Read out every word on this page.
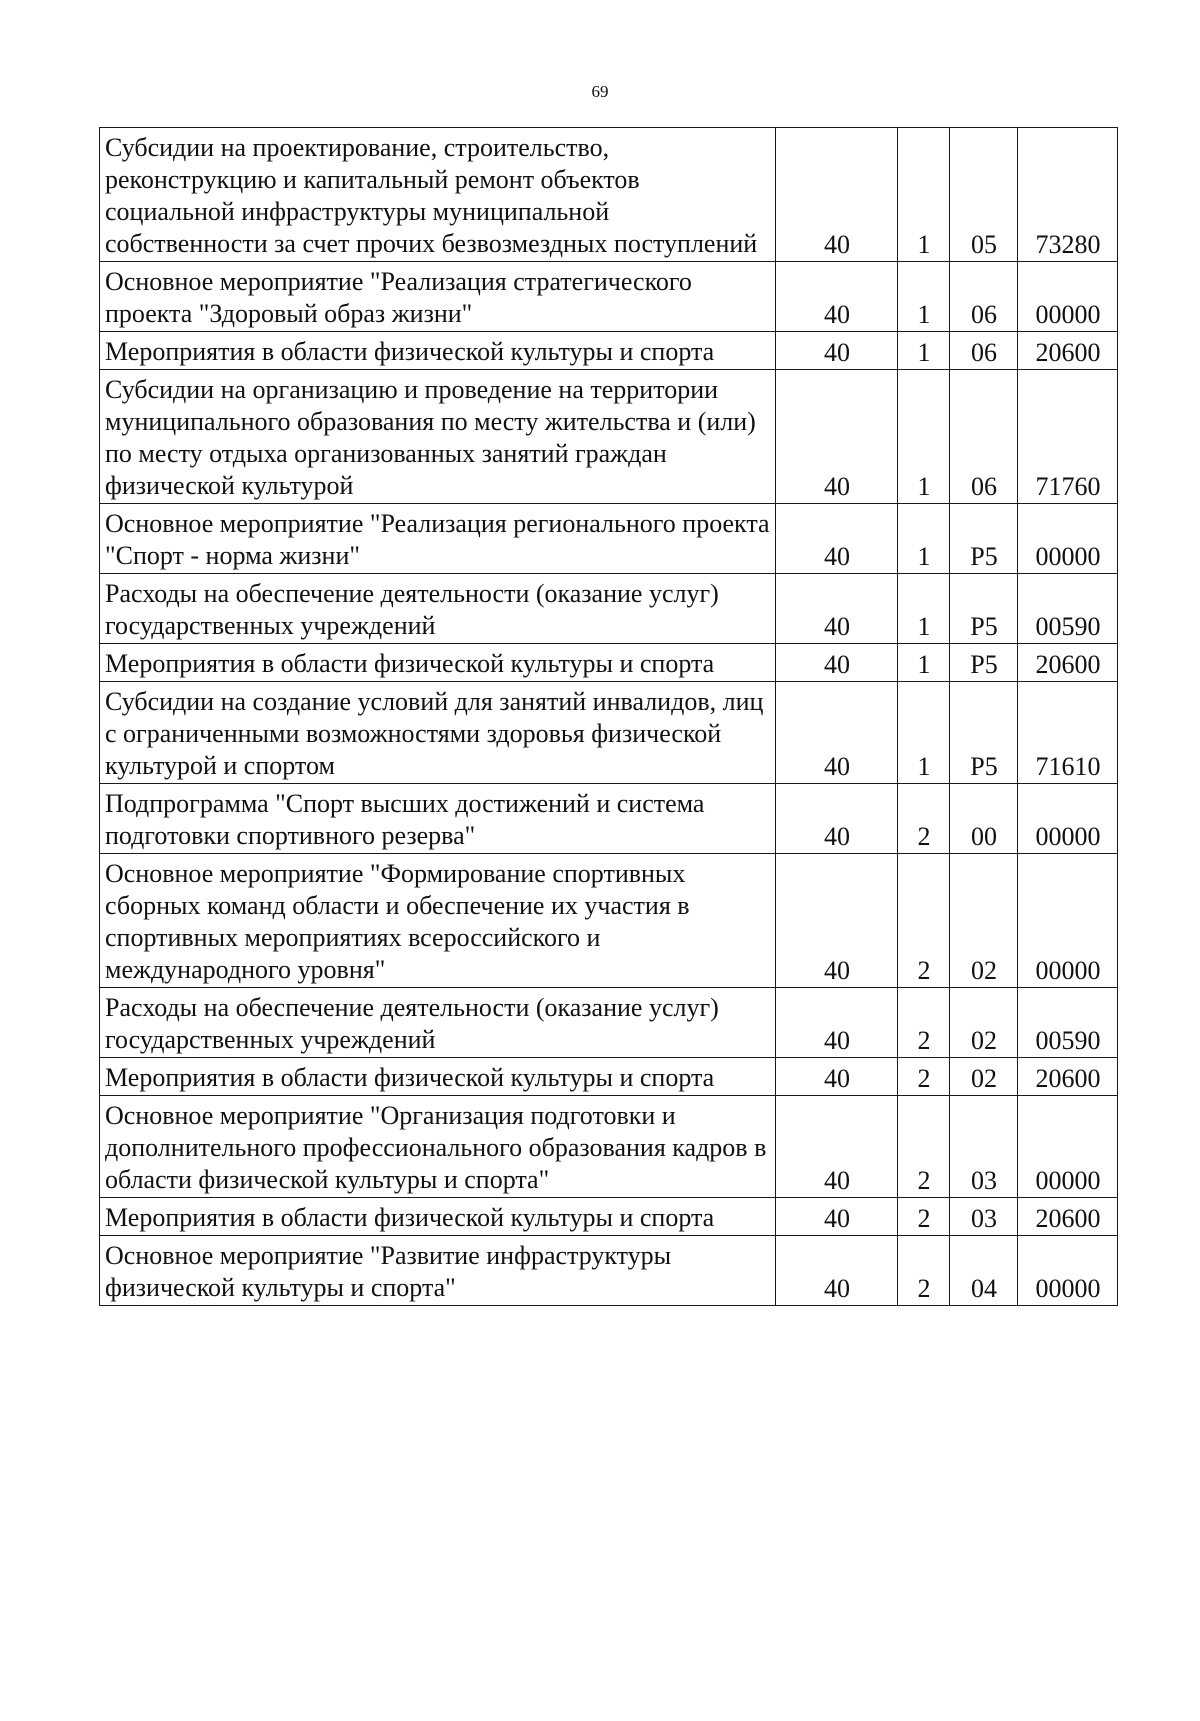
69
Субсидии на проектирование, строительство, реконструкцию и капитальный ремонт объектов социальной инфраструктуры муниципальной собственности за счет прочих безвозмездных поступлений	40	1	05	73280
Основное мероприятие "Реализация стратегического проекта "Здоровый образ жизни"	40	1	06	00000
Мероприятия в области физической культуры и спорта	40	1	06	20600
Субсидии на организацию и проведение на территории муниципального образования по месту жительства и (или) по месту отдыха организованных занятий граждан физической культурой	40	1	06	71760
Основное мероприятие "Реализация регионального проекта "Спорт - норма жизни"	40	1	P5	00000
Расходы на обеспечение деятельности (оказание услуг) государственных учреждений	40	1	P5	00590
Мероприятия в области физической культуры и спорта	40	1	P5	20600
Субсидии на создание условий для занятий инвалидов, лиц с ограниченными возможностями здоровья физической культурой и спортом	40	1	P5	71610
Подпрограмма "Спорт высших достижений и система подготовки спортивного резерва"	40	2	00	00000
Основное мероприятие "Формирование спортивных сборных команд области и обеспечение их участия в спортивных мероприятиях всероссийского и международного уровня"	40	2	02	00000
Расходы на обеспечение деятельности (оказание услуг) государственных учреждений	40	2	02	00590
Мероприятия в области физической культуры и спорта	40	2	02	20600
Основное мероприятие "Организация подготовки и дополнительного профессионального образования кадров в области физической культуры и спорта"	40	2	03	00000
Мероприятия в области физической культуры и спорта	40	2	03	20600
Основное мероприятие "Развитие инфраструктуры физической культуры и спорта"	40	2	04	00000
